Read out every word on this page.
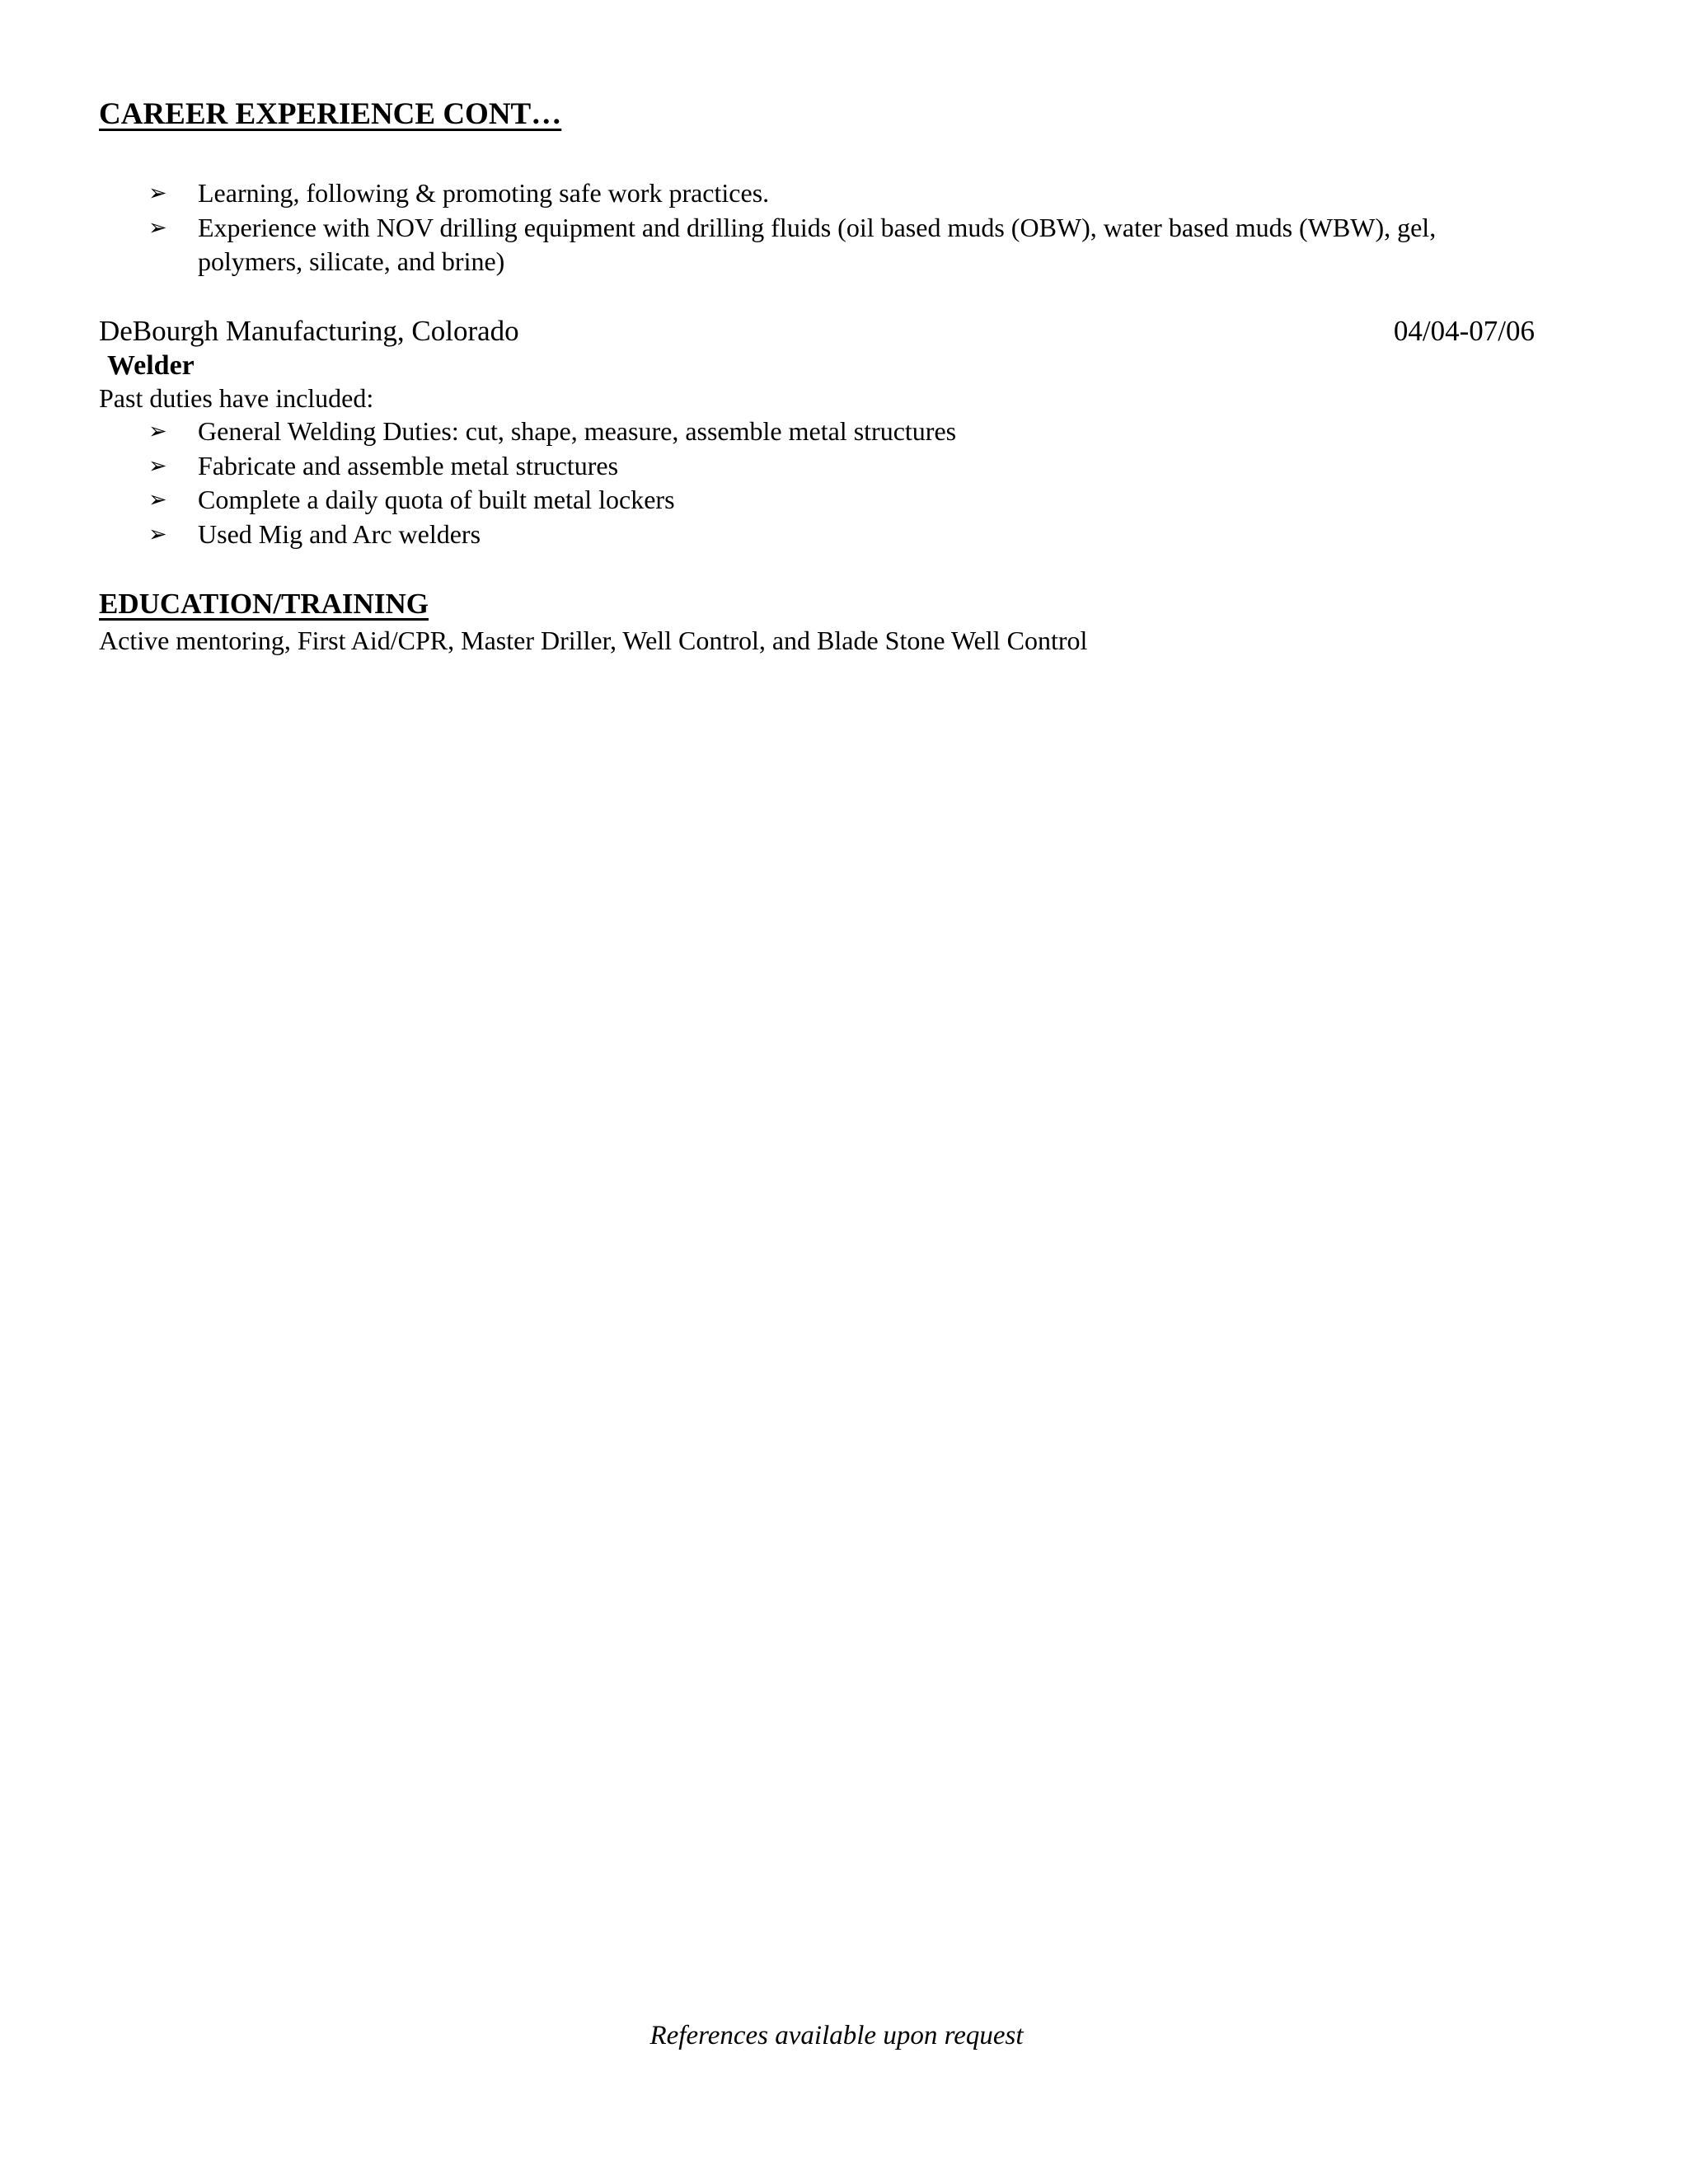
CAREER EXPERIENCE CONT…
➢ Learning, following & promoting safe work practices.
➢ Experience with NOV drilling equipment and drilling fluids (oil based muds (OBW), water based muds (WBW), gel, polymers, silicate, and brine)
DeBourgh Manufacturing, Colorado	04/04-07/06
Welder
Past duties have included:
➢ General Welding Duties: cut, shape, measure, assemble metal structures
➢ Fabricate and assemble metal structures
➢ Complete a daily quota of built metal lockers
➢ Used Mig and Arc welders
EDUCATION/TRAINING
Active mentoring, First Aid/CPR, Master Driller, Well Control, and Blade Stone Well Control
References available upon request
